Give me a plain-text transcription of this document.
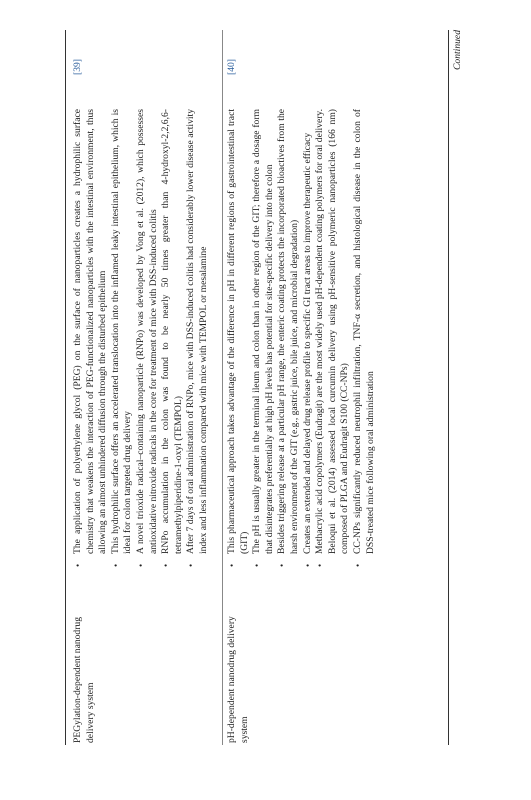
PEGylation-dependent nanodrug delivery system
• The application of polyethylene glycol (PEG) on the surface of nanoparticles creates a hydrophilic surface chemistry that weakens the interaction of PEG-functionalized nanoparticles with the intestinal environment, thus allowing an almost unhindered diffusion through the disturbed epithelium • This hydrophilic surface offers an accelerated translocation into the inflamed leaky intestinal epithelium, which is ideal for colon targeted drug delivery • A novel trioxide radical–containing nanoparticle (RNPo) was developed by Vong et al. (2012), which possesses antioxidative nitroxide radicals in the core for treatment of mice with DSS-induced colitis • RNPo accumulation in the colon was found to be nearly 50 times greater than 4-hydroxyl-2,2,6,6-tetramethylpiperidine-1-oxyl (TEMPOL) • After 7 days of oral administration of RNPo, mice with DSS-induced colitis had considerably lower disease activity index and less inflammation compared with mice with TEMPOL or mesalamine
[39]
pH-dependent nanodrug delivery system
• This pharmaceutical approach takes advantage of the difference in pH in different regions of gastrointestinal tract (GIT) • The pH is usually greater in the terminal ileum and colon than in other region of the GIT; therefore a dosage form that disintegrates preferentially at high pH levels has potential for site-specific delivery into the colon • Besides triggering release at a particular pH range, the enteric coating protects the incorporated bioactives from the harsh environment of the GIT (e.g., gastric juice, bile juice, and microbial degradation) • Creates an extended and delayed drug release profile to specific GI tract areas to improve therapeutic efficacy • Methacrylic acid copolymers (Eudragit) are the most widely used pH-dependent coating polymers for oral delivery. Beloqui et al. (2014) assessed local curcumin delivery using pH-sensitive polymeric nanoparticles (166 nm) composed of PLGA and Eudragit S100 (CC-NPs) • CC-NPs significantly reduced neutrophil infiltration, TNF-α secretion, and histological disease in the colon of DSS-treated mice following oral administration
[40]	Continued
